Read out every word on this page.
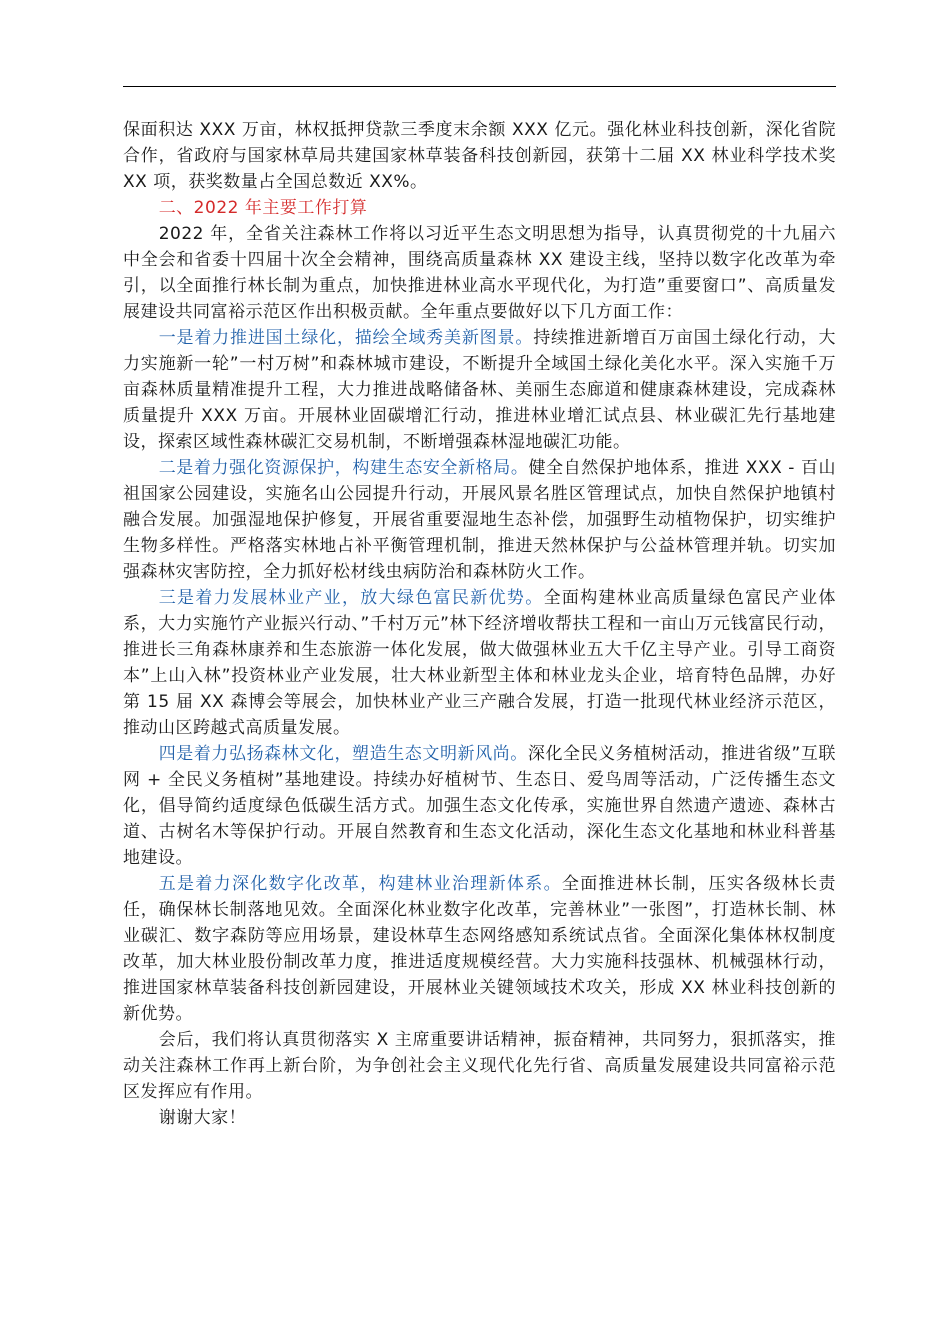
保面积达 XXX 万亩，林权抵押贷款三季度末余额 XXX 亿元。强化林业科技创新，深化省院合作，省政府与国家林草局共建国家林草装备科技创新园，获第十二届 XX 林业科学技术奖 XX 项，获奖数量占全国总数近 XX%。

二、2022 年主要工作打算

2022 年，全省关注森林工作将以习近平生态文明思想为指导，认真贯彻党的十九届六中全会和省委十四届十次全会精神，围绕高质量森林 XX 建设主线，坚持以数字化改革为牵引，以全面推行林长制为重点，加快推进林业高水平现代化，为打造”重要窗口”、高质量发展建设共同富裕示范区作出积极贡献。全年重点要做好以下几方面工作：

一是着力推进国土绿化，描绘全域秀美新图景。持续推进新增百万亩国土绿化行动，大力实施新一轮”一村万树”和森林城市建设，不断提升全域国土绿化美化水平。深入实施千万亩森林质量精准提升工程，大力推进战略储备林、美丽生态廊道和健康森林建设，完成森林质量提升 XXX 万亩。开展林业固碳增汇行动，推进林业增汇试点县、林业碳汇先行基地建设，探索区域性森林碳汇交易机制，不断增强森林湿地碳汇功能。

二是着力强化资源保护，构建生态安全新格局。健全自然保护地体系，推进 XXX - 百山祖国家公园建设，实施名山公园提升行动，开展风景名胜区管理试点，加快自然保护地镇村融合发展。加强湿地保护修复，开展省重要湿地生态补偿，加强野生动植物保护，切实维护生物多样性。严格落实林地占补平衡管理机制，推进天然林保护与公益林管理并轨。切实加强森林灾害防控，全力抓好松材线虫病防治和森林防火工作。

三是着力发展林业产业，放大绿色富民新优势。全面构建林业高质量绿色富民产业体系，大力实施竹产业振兴行动、”千村万元”林下经济增收帮扶工程和一亩山万元钱富民行动，推进长三角森林康养和生态旅游一体化发展，做大做强林业五大千亿主导产业。引导工商资本”上山入林”投资林业产业发展，壮大林业新型主体和林业龙头企业，培育特色品牌，办好第 15 届 XX 森博会等展会，加快林业产业三产融合发展，打造一批现代林业经济示范区，推动山区跨越式高质量发展。

四是着力弘扬森林文化，塑造生态文明新风尚。深化全民义务植树活动，推进省级”互联网 + 全民义务植树”基地建设。持续办好植树节、生态日、爱鸟周等活动，广泛传播生态文化，倡导简约适度绿色低碳生活方式。加强生态文化传承，实施世界自然遗产遗迹、森林古道、古树名木等保护行动。开展自然教育和生态文化活动，深化生态文化基地和林业科普基地建设。

五是着力深化数字化改革，构建林业治理新体系。全面推进林长制，压实各级林长责任，确保林长制落地见效。全面深化林业数字化改革，完善林业”一张图”，打造林长制、林业碳汇、数字森防等应用场景，建设林草生态网络感知系统试点省。全面深化集体林权制度改革，加大林业股份制改革力度，推进适度规模经营。大力实施科技强林、机械强林行动，推进国家林草装备科技创新园建设，开展林业关键领域技术攻关，形成 XX 林业科技创新的新优势。

会后，我们将认真贯彻落实 X 主席重要讲话精神，振奋精神，共同努力，狠抓落实，推动关注森林工作再上新台阶，为争创社会主义现代化先行省、高质量发展建设共同富裕示范区发挥应有作用。

谢谢大家！
